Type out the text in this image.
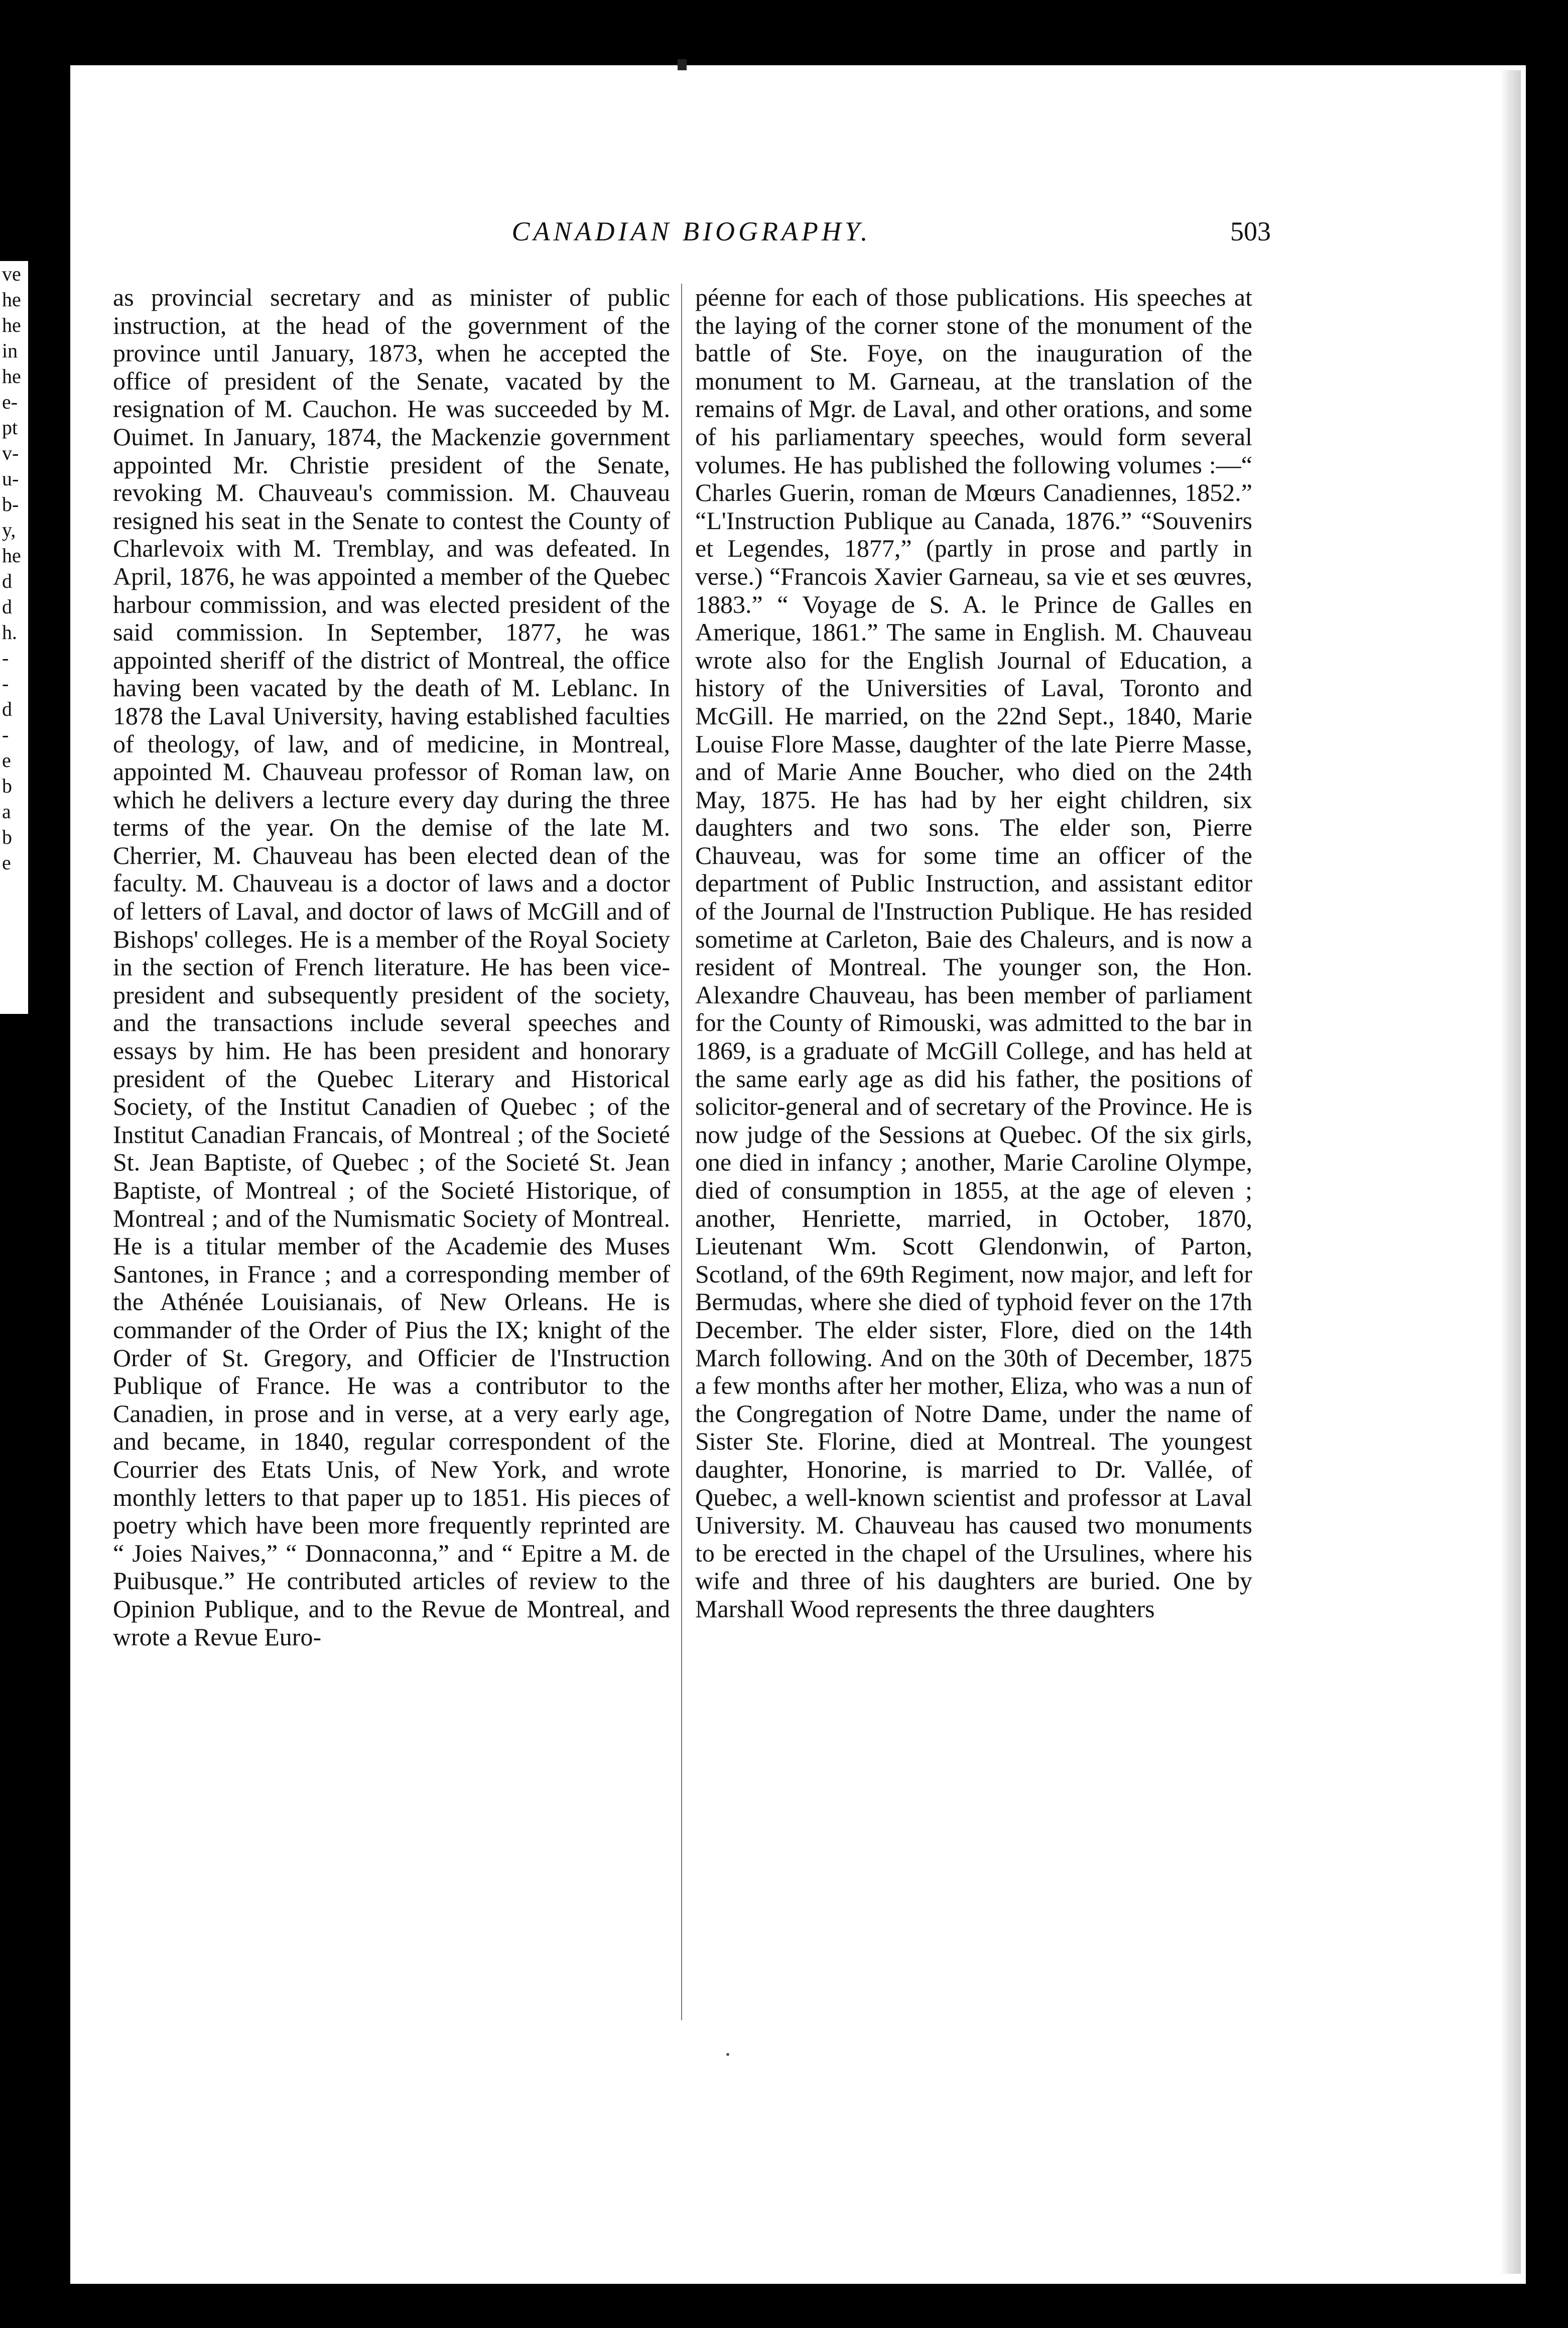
ve
he
he
in
he
e-
pt
v-
u-
b-
y,
he
d
d
h.
-
-
d
-
e
b
a
b
e
CANADIAN BIOGRAPHY.	503

as provincial secretary and as minister of public instruction, at the head of the government of the province until January, 1873, when he accepted the office of president of the Senate, vacated by the resignation of M. Cauchon. He was succeeded by M. Ouimet. In January, 1874, the Mackenzie government appointed Mr. Christie president of the Senate, revoking M. Chauveau's commission. M. Chauveau resigned his seat in the Senate to contest the County of Charlevoix with M. Tremblay, and was defeated. In April, 1876, he was appointed a member of the Quebec harbour commission, and was elected president of the said commission. In September, 1877, he was appointed sheriff of the district of Montreal, the office having been vacated by the death of M. Leblanc. In 1878 the Laval University, having established faculties of theology, of law, and of medicine, in Montreal, appointed M. Chauveau professor of Roman law, on which he delivers a lecture every day during the three terms of the year. On the demise of the late M. Cherrier, M. Chauveau has been elected dean of the faculty. M. Chauveau is a doctor of laws and a doctor of letters of Laval, and doctor of laws of McGill and of Bishops' colleges. He is a member of the Royal Society in the section of French literature. He has been vice-president and subsequently president of the society, and the transactions include several speeches and essays by him. He has been president and honorary president of the Quebec Literary and Historical Society, of the Institut Canadien of Quebec ; of the Institut Canadian Francais, of Montreal ; of the Societé St. Jean Baptiste, of Quebec ; of the Societé St. Jean Baptiste, of Montreal ; of the Societé Historique, of Montreal ; and of the Numismatic Society of Montreal. He is a titular member of the Academie des Muses Santones, in France ; and a corresponding member of the Athénée Louisianais, of New Orleans. He is commander of the Order of Pius the IX; knight of the Order of St. Gregory, and Officier de l'Instruction Publique of France. He was a contributor to the Canadien, in prose and in verse, at a very early age, and became, in 1840, regular correspondent of the Courrier des Etats Unis, of New York, and wrote monthly letters to that paper up to 1851. His pieces of poetry which have been more frequently reprinted are “ Joies Naives,” “ Donnaconna,” and “ Epitre a M. de Puibusque.” He contributed articles of review to the Opinion Publique, and to the Revue de Montreal, and wrote a Revue Euro-

péenne for each of those publications. His speeches at the laying of the corner stone of the monument of the battle of Ste. Foye, on the inauguration of the monument to M. Garneau, at the translation of the remains of Mgr. de Laval, and other orations, and some of his parliamentary speeches, would form several volumes. He has published the following volumes :—“ Charles Guerin, roman de Mœurs Canadiennes, 1852.” “L'Instruction Publique au Canada, 1876.” “Souvenirs et Legendes, 1877,” (partly in prose and partly in verse.) “Francois Xavier Garneau, sa vie et ses œuvres, 1883.” “ Voyage de S. A. le Prince de Galles en Amerique, 1861.” The same in English. M. Chauveau wrote also for the English Journal of Education, a history of the Universities of Laval, Toronto and McGill. He married, on the 22nd Sept., 1840, Marie Louise Flore Masse, daughter of the late Pierre Masse, and of Marie Anne Boucher, who died on the 24th May, 1875. He has had by her eight children, six daughters and two sons. The elder son, Pierre Chauveau, was for some time an officer of the department of Public Instruction, and assistant editor of the Journal de l'Instruction Publique. He has resided sometime at Carleton, Baie des Chaleurs, and is now a resident of Montreal. The younger son, the Hon. Alexandre Chauveau, has been member of parliament for the County of Rimouski, was admitted to the bar in 1869, is a graduate of McGill College, and has held at the same early age as did his father, the positions of solicitor-general and of secretary of the Province. He is now judge of the Sessions at Quebec. Of the six girls, one died in infancy ; another, Marie Caroline Olympe, died of consumption in 1855, at the age of eleven ; another, Henriette, married, in October, 1870, Lieutenant Wm. Scott Glendonwin, of Parton, Scotland, of the 69th Regiment, now major, and left for Bermudas, where she died of typhoid fever on the 17th December. The elder sister, Flore, died on the 14th March following. And on the 30th of December, 1875 a few months after her mother, Eliza, who was a nun of the Congregation of Notre Dame, under the name of Sister Ste. Florine, died at Montreal. The youngest daughter, Honorine, is married to Dr. Vallée, of Quebec, a well-known scientist and professor at Laval University. M. Chauveau has caused two monuments to be erected in the chapel of the Ursulines, where his wife and three of his daughters are buried. One by Marshall Wood represents the three daughters
